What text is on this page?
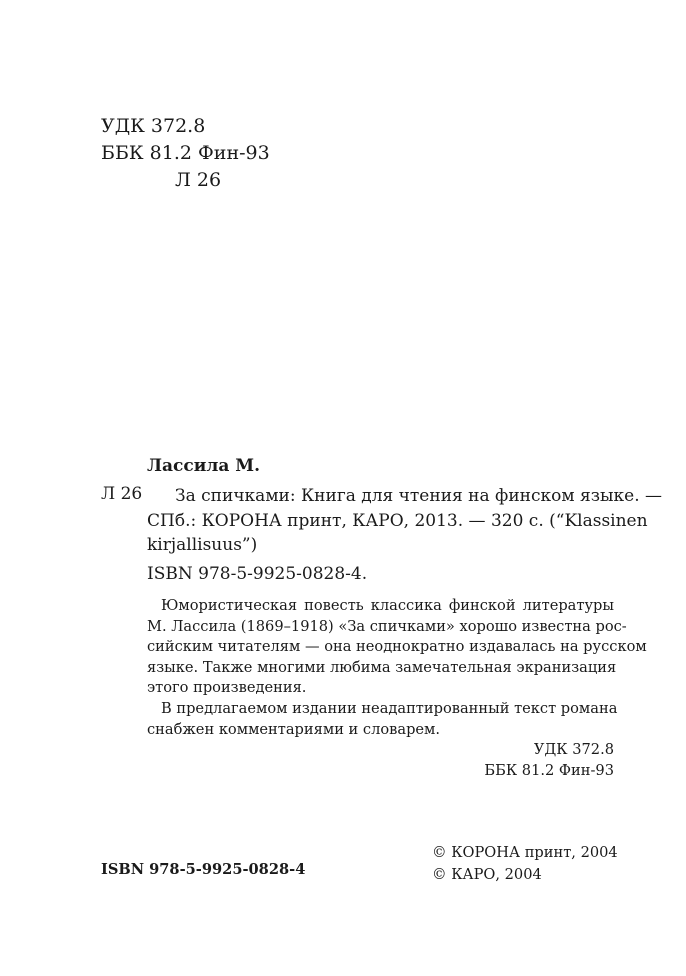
УДК 372.8
ББК 81.2 Фин-93
Л 26
Лассила М.
Л 26	За спичками: Книга для чтения на финском языке. —
СПб.: КОРОНА принт, КАРО, 2013. — 320 с. (“Klassinen
kirjallisuus”)
ISBN 978-5-9925-0828-4.
Юмористическая повесть классика финской литературы
М. Лассила (1869–1918) «За спичками» хорошо известна рос-
сийским читателям — она неоднократно издавалась на русском
языке. Также многими любима замечательная экранизация
этого произведения.
В предлагаемом издании неадаптированный текст романа
снабжен комментариями и словарем.
УДК 372.8
ББК 81.2 Фин-93
ISBN 978-5-9925-0828-4
© КОРОНА принт, 2004
© КАРО, 2004
